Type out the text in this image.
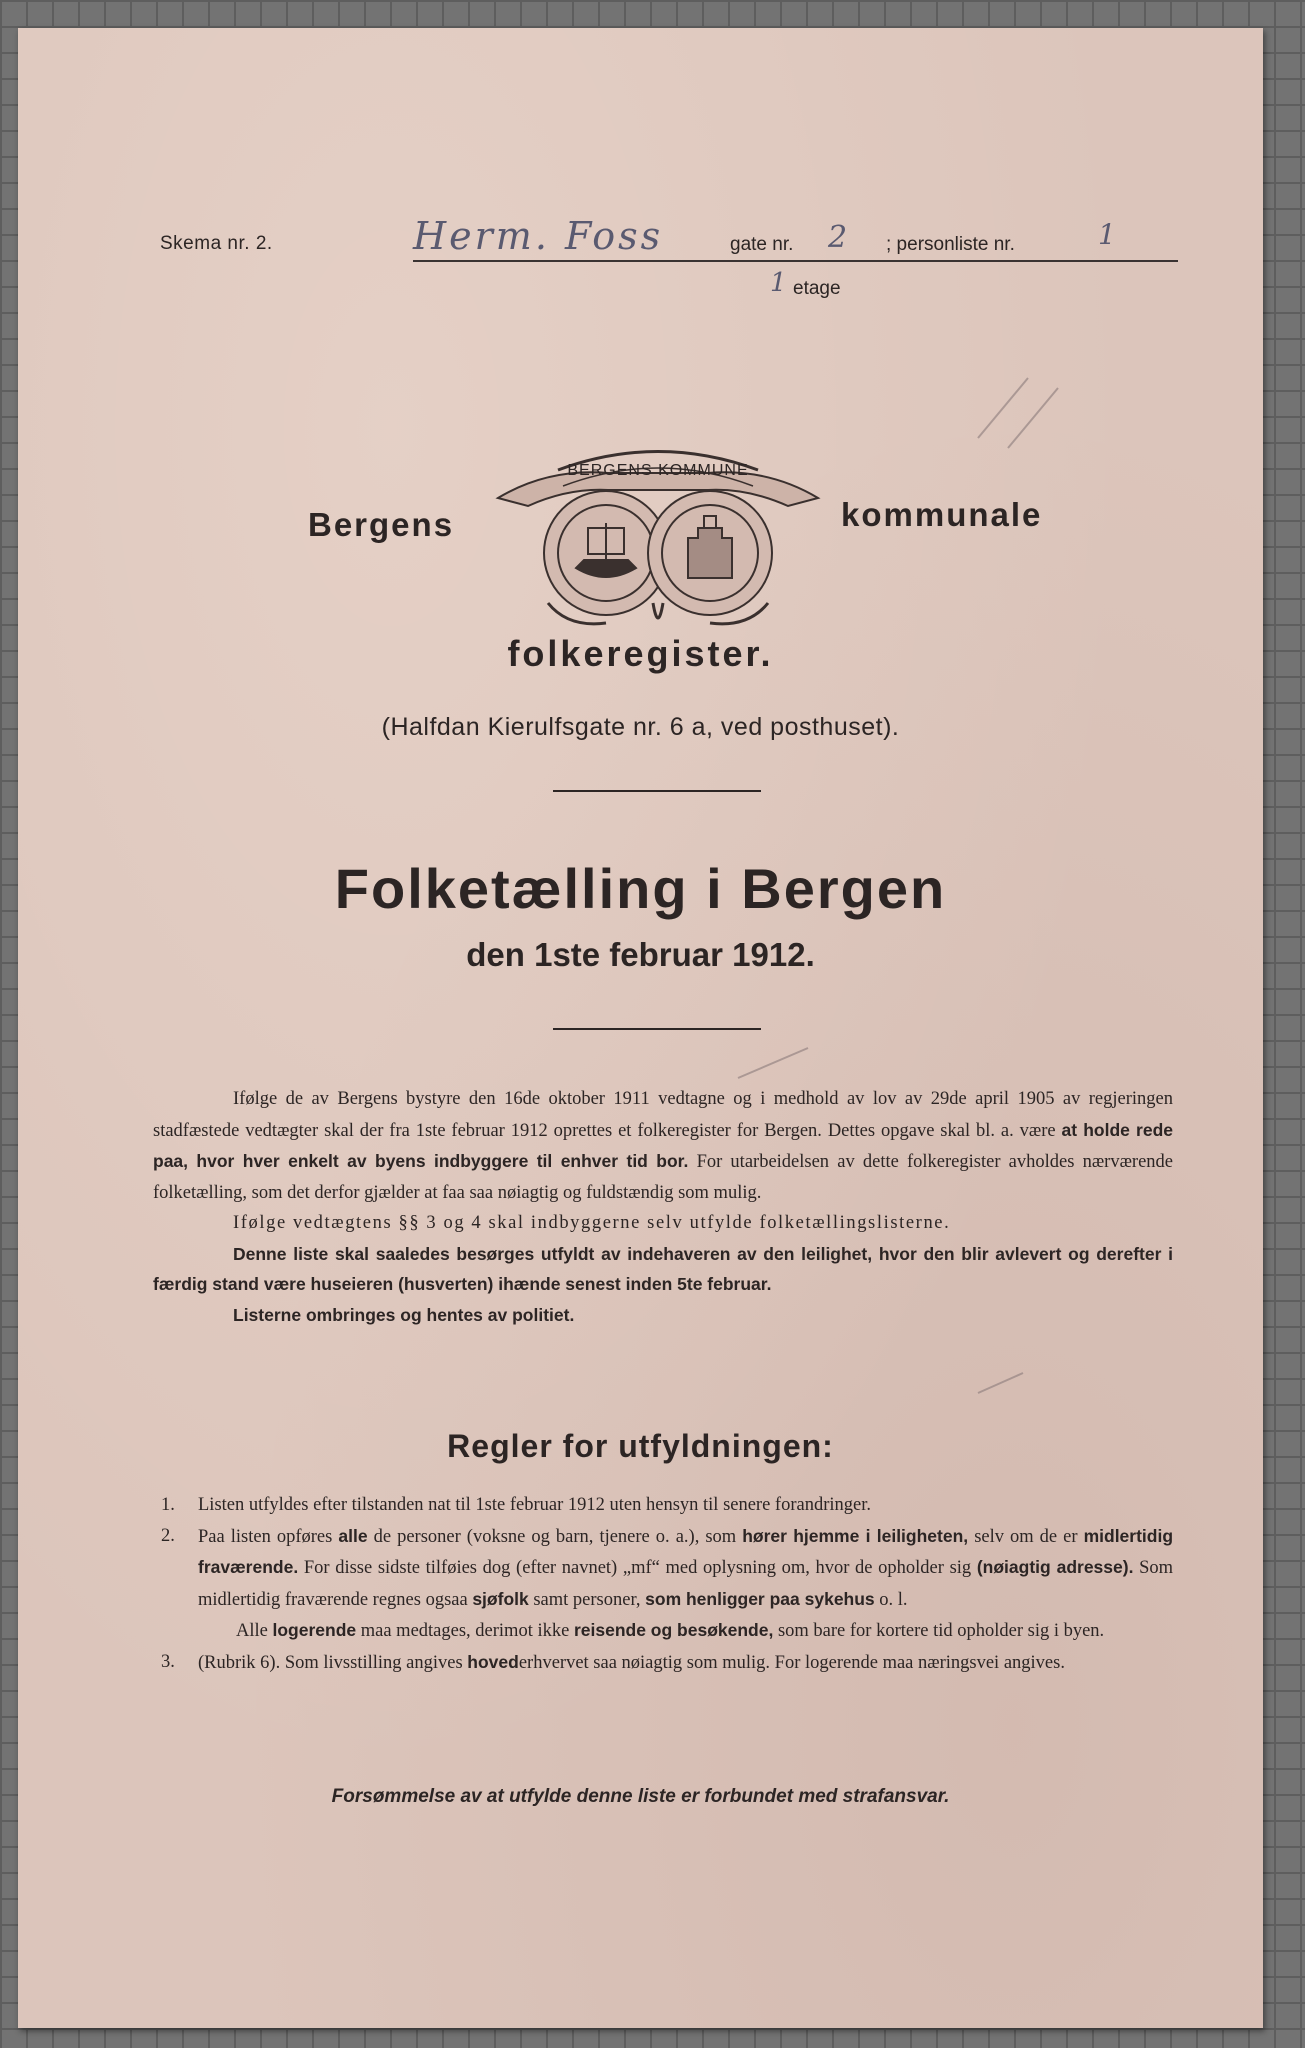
Skema nr. 2.	Herm. Foss	gate nr. 2 ; personliste nr.	1
1 etage
Bergens
BERGENS KOMMUNE
kommunale
folkeregister.
(Halfdan Kierulfsgate nr. 6 a, ved posthuset).
Folketælling i Bergen
den 1ste februar 1912.

Ifølge de av Bergens bystyre den 16de oktober 1911 vedtagne og i medhold av lov av 29de april 1905 av regjeringen stadfæstede vedtægter skal der fra 1ste februar 1912 oprettes et folkeregister for Bergen. Dettes opgave skal bl. a. være at holde rede paa, hvor hver enkelt av byens indbyggere til enhver tid bor. For utarbeidelsen av dette folkeregister avholdes nærværende folketælling, som det derfor gjælder at faa saa nøiagtig og fuldstændig som mulig.

Ifølge vedtægtens §§ 3 og 4 skal indbyggerne selv utfylde folketællingslisterne.

Denne liste skal saaledes besørges utfyldt av indehaveren av den leilighet, hvor den blir avlevert og derefter i færdig stand være huseieren (husverten) ihænde senest inden 5te februar.

Listerne ombringes og hentes av politiet.

Regler for utfyldningen:
1.	Listen utfyldes efter tilstanden nat til 1ste februar 1912 uten hensyn til senere forandringer.
2.	Paa listen opføres alle de personer (voksne og barn, tjenere o. a.), som hører hjemme i leiligheten, selv om de er midlertidig fraværende. For disse sidste tilføies dog (efter navnet) „mf“ med oplysning om, hvor de opholder sig (nøiagtig adresse). Som midlertidig fraværende regnes ogsaa sjøfolk samt personer, som henligger paa sykehus o. l.
Alle logerende maa medtages, derimot ikke reisende og besøkende, som bare for kortere tid opholder sig i byen.
3.	(Rubrik 6). Som livsstilling angives hovederhvervet saa nøiagtig som mulig. For logerende maa næringsvei angives.
Forsømmelse av at utfylde denne liste er forbundet med strafansvar.
